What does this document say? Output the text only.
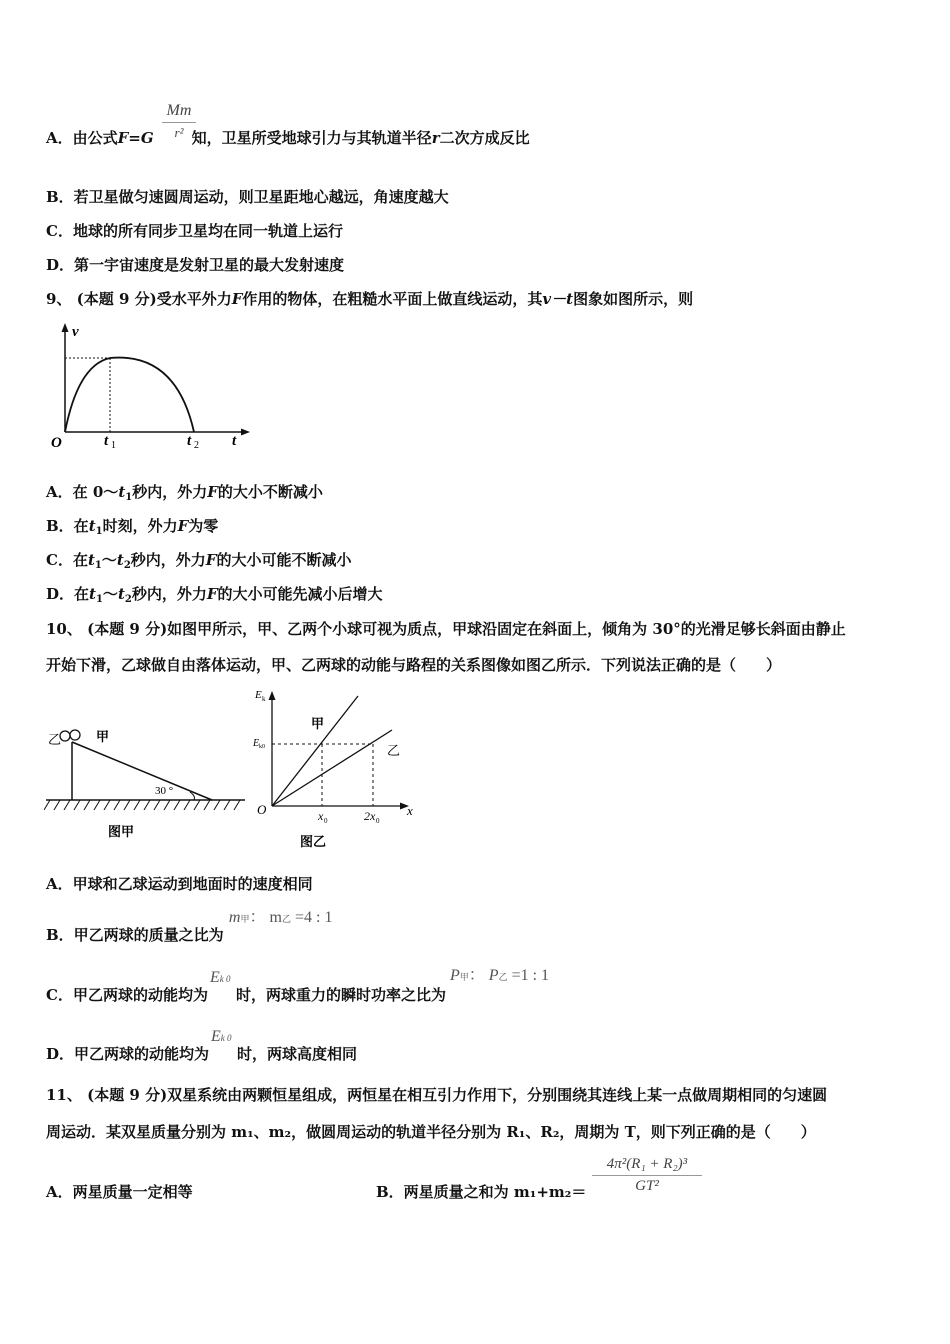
Mm
r²
A．由公式F=G	知，卫星所受地球引力与其轨道半径r二次方成反比
B．若卫星做匀速圆周运动，则卫星距地心越远，角速度越大
C．地球的所有同步卫星均在同一轨道上运行
D．第一宇宙速度是发射卫星的最大发射速度
9、 (本题 9 分)受水平外力F作用的物体，在粗糙水平面上做直线运动，其v－t图象如图所示，则
v
O	t 1	t 2 t
A．在 $0\sim t_1$秒内，外力F的大小不断减小
B．在$t_1$时刻，外力F为零
C．在$t_1\sim t_2$秒内，外力F的大小可能不断减小
D．在$t_1\sim t_2$秒内，外力F的大小可能先减小后增大
10、 (本题 9 分)如图甲所示，甲、乙两个小球可视为质点，甲球沿固定在斜面上，倾角为 30°的光滑足够长斜面由静止
开始下滑，乙球做自由落体运动，甲、乙两球的动能与路程的关系图像如图乙所示．下列说法正确的是（　　）
乙	甲
30 °
图甲
E k
E k0
甲
乙
O	x
x 0	2x 0
图乙
A．甲球和乙球运动到地面时的速度相同
B．甲乙两球的质量之比为
m甲： m乙 =4 : 1
C．甲乙两球的动能均为
Ek 0
时，两球重力的瞬时功率之比为
P甲： P乙 =1 : 1
D．甲乙两球的动能均为
Ek 0
时，两球高度相同
11、 (本题 9 分)双星系统由两颗恒星组成，两恒星在相互引力作用下，分别围绕其连线上某一点做周期相同的匀速圆
周运动．某双星质量分别为 m₁、m₂，做圆周运动的轨道半径分别为 R₁、R₂，周期为 T，则下列正确的是（　　）
A．两星质量一定相等	B．两星质量之和为 m₁+m₂＝
4π²(R₁ + R₂)³
GT²
